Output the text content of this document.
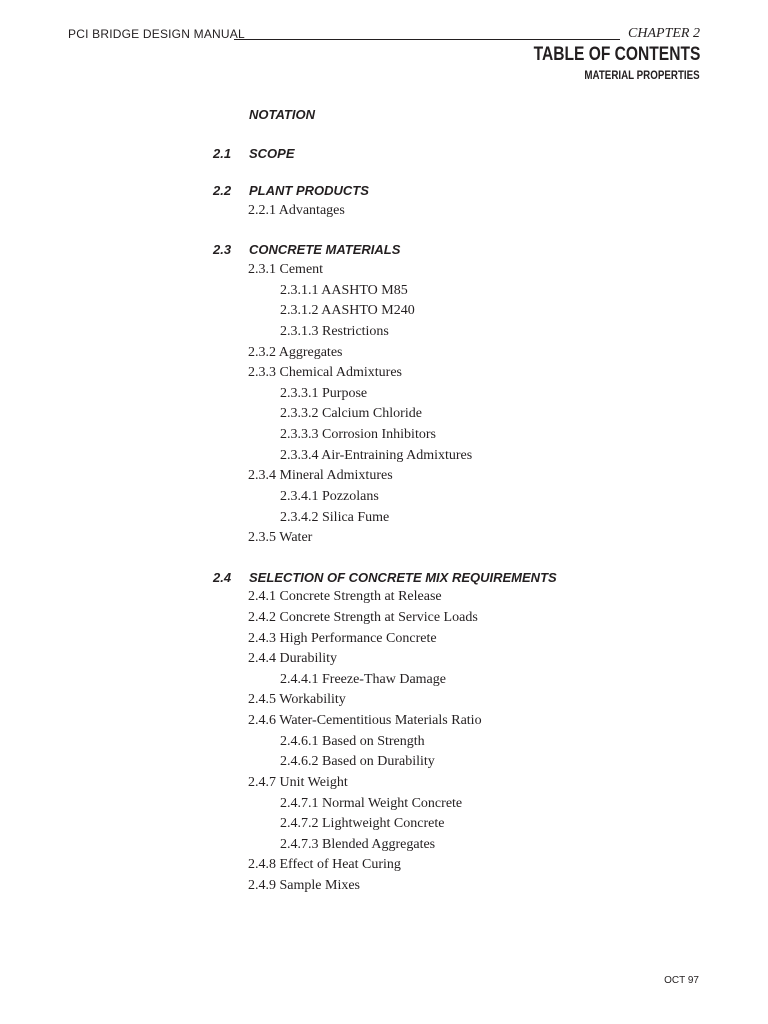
PCI BRIDGE DESIGN MANUAL	CHAPTER 2
TABLE OF CONTENTS
MATERIAL PROPERTIES
NOTATION
2.1 SCOPE
2.2 PLANT PRODUCTS
2.2.1 Advantages
2.3 CONCRETE MATERIALS
2.3.1 Cement
2.3.1.1 AASHTO M85
2.3.1.2 AASHTO M240
2.3.1.3 Restrictions
2.3.2 Aggregates
2.3.3 Chemical Admixtures
2.3.3.1 Purpose
2.3.3.2 Calcium Chloride
2.3.3.3 Corrosion Inhibitors
2.3.3.4 Air-Entraining Admixtures
2.3.4 Mineral Admixtures
2.3.4.1 Pozzolans
2.3.4.2 Silica Fume
2.3.5 Water
2.4 SELECTION OF CONCRETE MIX REQUIREMENTS
2.4.1 Concrete Strength at Release
2.4.2 Concrete Strength at Service Loads
2.4.3 High Performance Concrete
2.4.4 Durability
2.4.4.1 Freeze-Thaw Damage
2.4.5 Workability
2.4.6 Water-Cementitious Materials Ratio
2.4.6.1 Based on Strength
2.4.6.2 Based on Durability
2.4.7 Unit Weight
2.4.7.1 Normal Weight Concrete
2.4.7.2 Lightweight Concrete
2.4.7.3 Blended Aggregates
2.4.8 Effect of Heat Curing
2.4.9 Sample Mixes
OCT 97
